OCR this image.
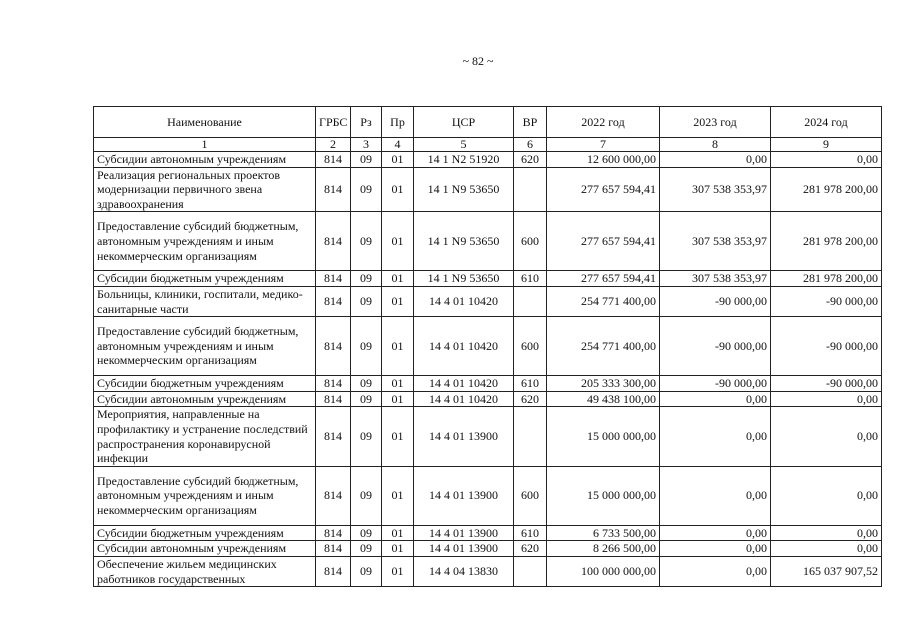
~ 82 ~
Наименование	ГРБС	Рз	Пр	ЦСР	ВР	2022 год	2023 год	2024 год
1	2	3	4	5	6	7	8	9
Субсидии автономным учреждениям	814	09	01	14 1 N2 51920	620	12 600 000,00	0,00	0,00
Реализация региональных проектов модернизации первичного звена здравоохранения	814	09	01	14 1 N9 53650		277 657 594,41	307 538 353,97	281 978 200,00
Предоставление субсидий бюджетным, автономным учреждениям и иным некоммерческим организациям	814	09	01	14 1 N9 53650	600	277 657 594,41	307 538 353,97	281 978 200,00
Субсидии бюджетным учреждениям	814	09	01	14 1 N9 53650	610	277 657 594,41	307 538 353,97	281 978 200,00
Больницы, клиники, госпитали, медико-санитарные части	814	09	01	14 4 01 10420		254 771 400,00	-90 000,00	-90 000,00
Предоставление субсидий бюджетным, автономным учреждениям и иным некоммерческим организациям	814	09	01	14 4 01 10420	600	254 771 400,00	-90 000,00	-90 000,00
Субсидии бюджетным учреждениям	814	09	01	14 4 01 10420	610	205 333 300,00	-90 000,00	-90 000,00
Субсидии автономным учреждениям	814	09	01	14 4 01 10420	620	49 438 100,00	0,00	0,00
Мероприятия, направленные на профилактику и устранение последствий распространения коронавирусной инфекции	814	09	01	14 4 01 13900		15 000 000,00	0,00	0,00
Предоставление субсидий бюджетным, автономным учреждениям и иным некоммерческим организациям	814	09	01	14 4 01 13900	600	15 000 000,00	0,00	0,00
Субсидии бюджетным учреждениям	814	09	01	14 4 01 13900	610	6 733 500,00	0,00	0,00
Субсидии автономным учреждениям	814	09	01	14 4 01 13900	620	8 266 500,00	0,00	0,00
Обеспечение жильем медицинских работников государственных	814	09	01	14 4 04 13830		100 000 000,00	0,00	165 037 907,52
